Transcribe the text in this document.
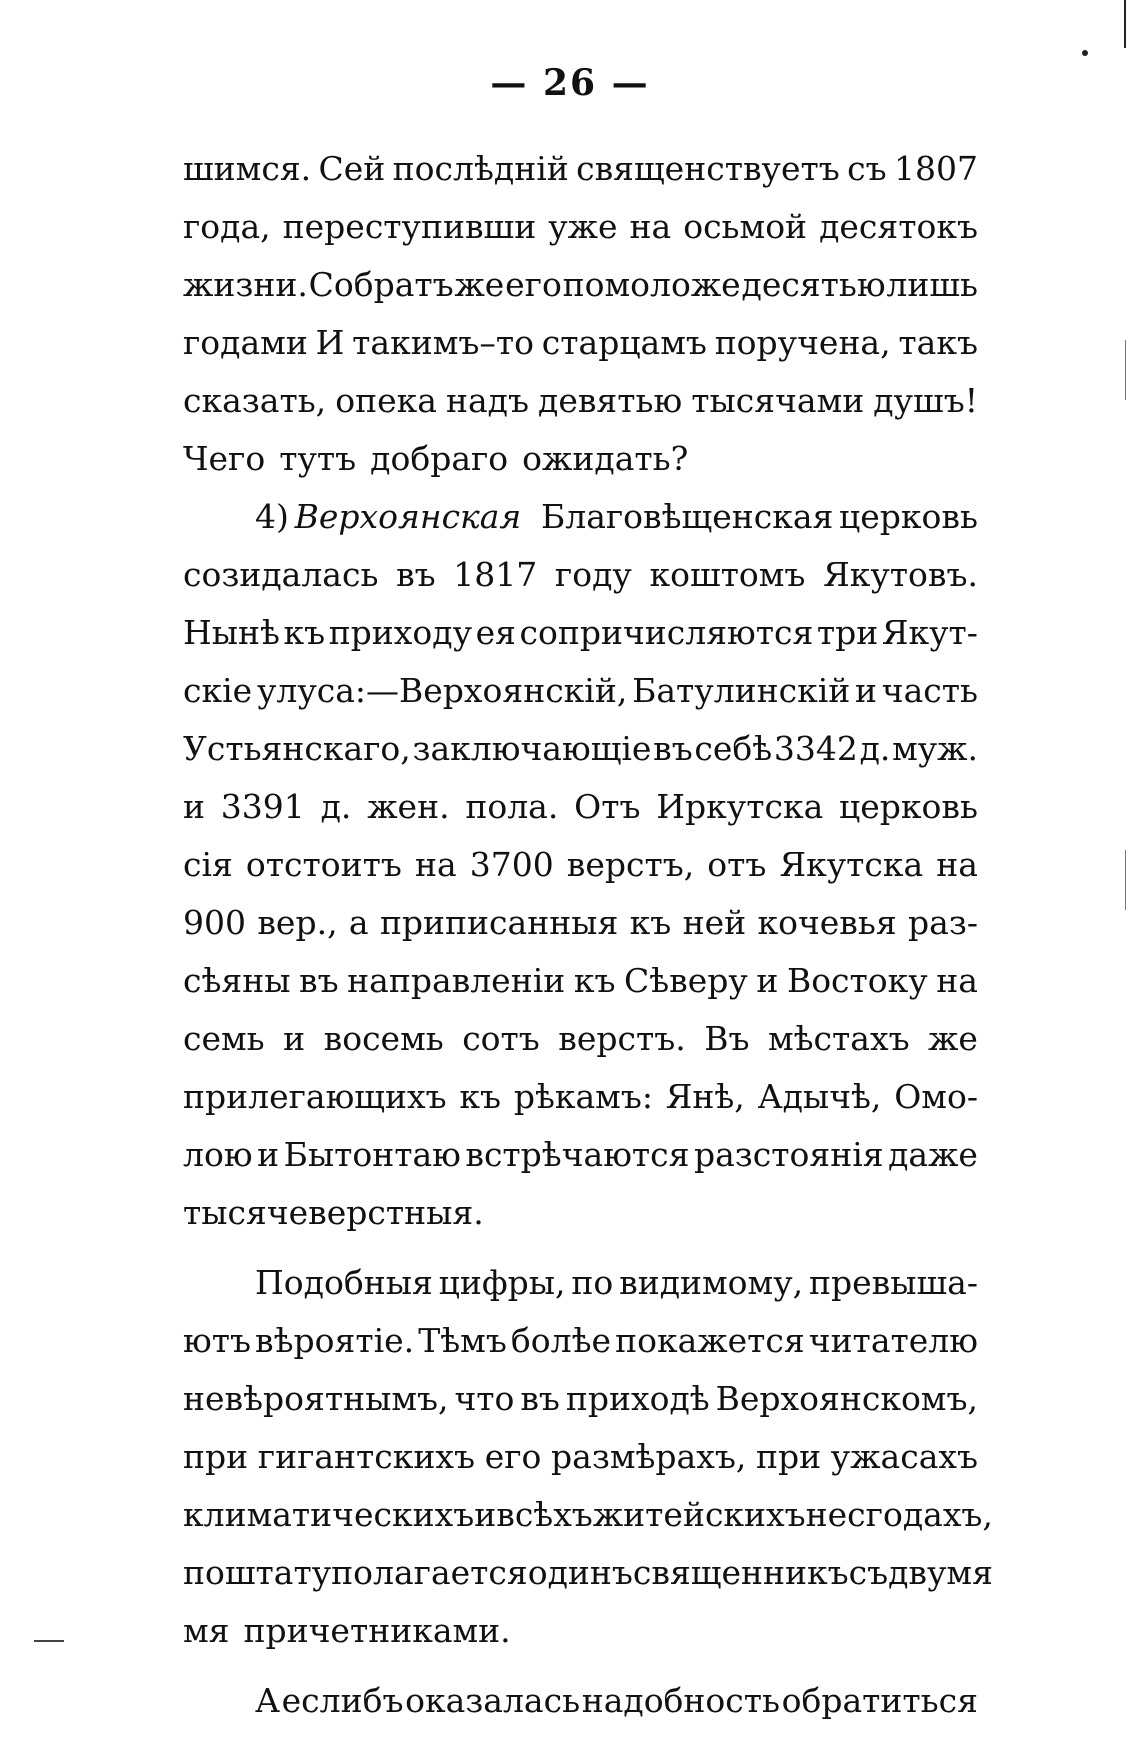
— 26 —
шимся. Сей послѣдній священствуетъ съ 1807
года, переступивши уже на осьмой десятокъ
жизни. Собратъ же его помоложе десятью лишь
годами И такимъ–то старцамъ поручена, такъ
сказать, опека надъ девятью тысячами душъ!
Чего тутъ добраго ожидать?
4) Верхоянская Благовѣщенская церковь
созидалась въ 1817 году коштомъ Якутовъ.
Нынѣ къ приходу ея сопричисляются три Якут-
скіе улуса:—Верхоянскій, Батулинскій и часть
Устьянскаго, заключающіе въ себѣ 3342 д. муж.
и 3391 д. жен. пола. Отъ Иркутска церковь
сія отстоитъ на 3700 верстъ, отъ Якутска на
900 вер., а приписанныя къ ней кочевья раз-
сѣяны въ направленіи къ Сѣверу и Востоку на
семь и восемь сотъ верстъ. Въ мѣстахъ же
прилегающихъ къ рѣкамъ: Янѣ, Адычѣ, Омо-
лою и Бытонтаю встрѣчаются разстоянія даже
тысячеверстныя.
Подобныя цифры, по видимому, превыша-
ютъ вѣроятіе. Тѣмъ болѣе покажется читателю
невѣроятнымъ, что въ приходѣ Верхоянскомъ,
при гигантскихъ его размѣрахъ, при ужасахъ
климатическихъ и всѣхъ житейскихъ несгодахъ,
по штату полагается одинъ священникъ съ двумя
мя причетниками.
А еслибъ оказалась надобность обратиться
